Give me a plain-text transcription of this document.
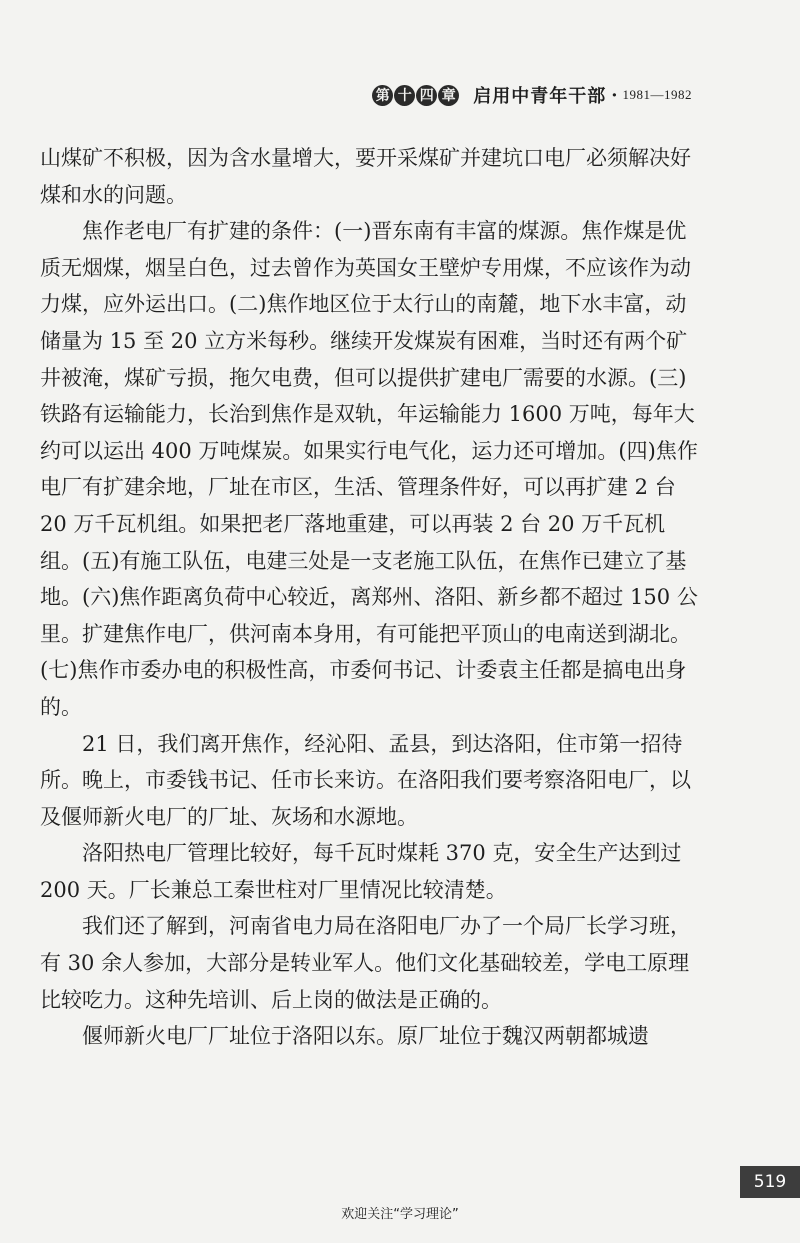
第 十 四 章 启用中青年干部 · 1981—1982

山煤矿不积极，因为含水量增大，要开采煤矿并建坑口电厂必须解决好煤和水的问题。

焦作老电厂有扩建的条件：(一)晋东南有丰富的煤源。焦作煤是优质无烟煤，烟呈白色，过去曾作为英国女王壁炉专用煤，不应该作为动力煤，应外运出口。(二)焦作地区位于太行山的南麓，地下水丰富，动储量为 15 至 20 立方米每秒。继续开发煤炭有困难，当时还有两个矿井被淹，煤矿亏损，拖欠电费，但可以提供扩建电厂需要的水源。(三)铁路有运输能力，长治到焦作是双轨，年运输能力 1600 万吨，每年大约可以运出 400 万吨煤炭。如果实行电气化，运力还可增加。(四)焦作电厂有扩建余地，厂址在市区，生活、管理条件好，可以再扩建 2 台 20 万千瓦机组。如果把老厂落地重建，可以再装 2 台 20 万千瓦机组。(五)有施工队伍，电建三处是一支老施工队伍，在焦作已建立了基地。(六)焦作距离负荷中心较近，离郑州、洛阳、新乡都不超过 150 公里。扩建焦作电厂，供河南本身用，有可能把平顶山的电南送到湖北。(七)焦作市委办电的积极性高，市委何书记、计委袁主任都是搞电出身的。

21 日，我们离开焦作，经沁阳、孟县，到达洛阳，住市第一招待所。晚上，市委钱书记、任市长来访。在洛阳我们要考察洛阳电厂，以及偃师新火电厂的厂址、灰场和水源地。

洛阳热电厂管理比较好，每千瓦时煤耗 370 克，安全生产达到过 200 天。厂长兼总工秦世柱对厂里情况比较清楚。

我们还了解到，河南省电力局在洛阳电厂办了一个局厂长学习班，有 30 余人参加，大部分是转业军人。他们文化基础较差，学电工原理比较吃力。这种先培训、后上岗的做法是正确的。

偃师新火电厂厂址位于洛阳以东。原厂址位于魏汉两朝都城遗

519
欢迎关注“学习理论”
